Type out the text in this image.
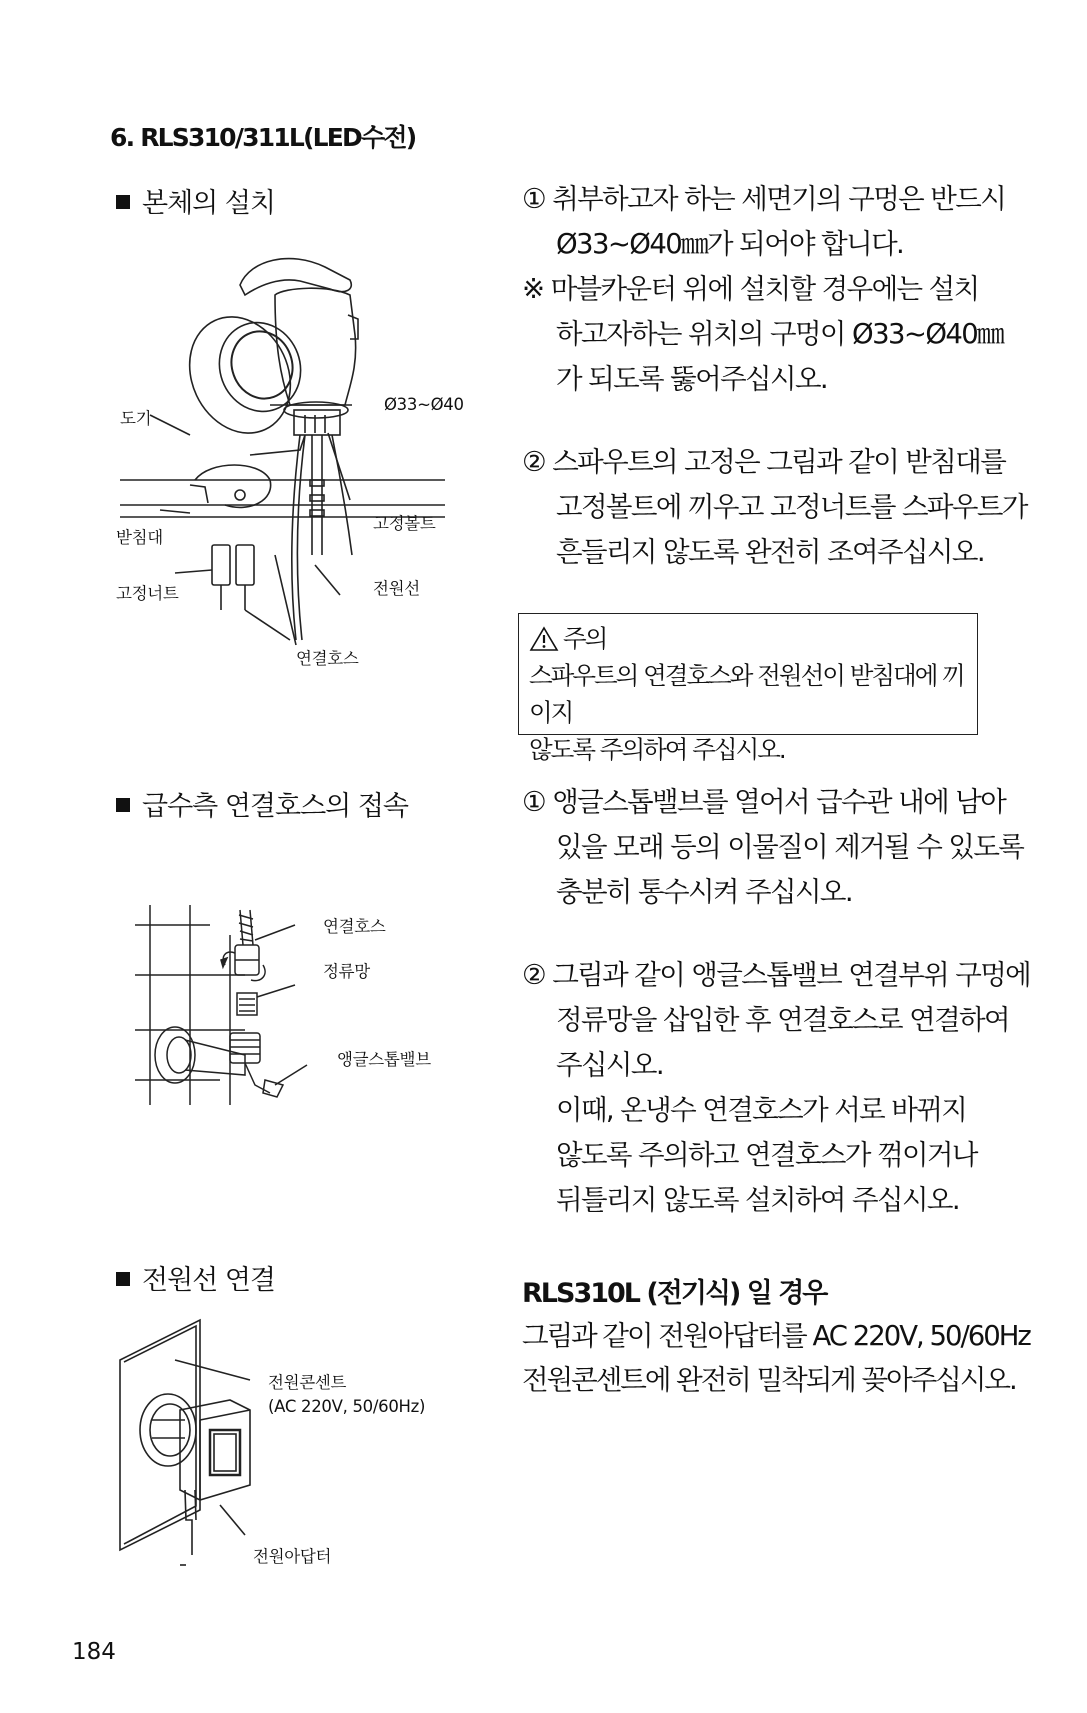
6. RLS310/311L(LED수전)
본체의 설치	① 취부하고자 하는 세면기의 구멍은 반드시

Ø33~Ø40㎜가 되어야 합니다.

※ 마블카운터 위에 설치할 경우에는 설치

하고자하는 위치의 구멍이 Ø33~Ø40㎜

가 되도록 뚫어주십시오.

② 스파우트의 고정은 그림과 같이 받침대를

고정볼트에 끼우고 고정너트를 스파우트가

흔들리지 않도록 완전히 조여주십시오.

주의
스파우트의 연결호스와 전원선이 받침대에 끼이지
않도록 주의하여 주십시오.
도기
Ø33~Ø40
고정볼트
받침대
전원선
고정너트
연결호스
급수측 연결호스의 접속	① 앵글스톱밸브를 열어서 급수관 내에 남아

있을 모래 등의 이물질이 제거될 수 있도록

충분히 통수시켜 주십시오.

② 그림과 같이 앵글스톱밸브 연결부위 구멍에

정류망을 삽입한 후 연결호스로 연결하여

주십시오.

이때, 온냉수 연결호스가 서로 바뀌지

않도록 주의하고 연결호스가 꺾이거나

뒤틀리지 않도록 설치하여 주십시오.

연결호스
정류망
앵글스톱밸브
전원선 연결	RLS310L (전기식) 일 경우
그림과 같이 전원아답터를 AC 220V, 50/60Hz
전원콘센트에 완전히 밀착되게 꽂아주십시오.
전원콘센트
(AC 220V, 50/60Hz)
전원아답터
184
